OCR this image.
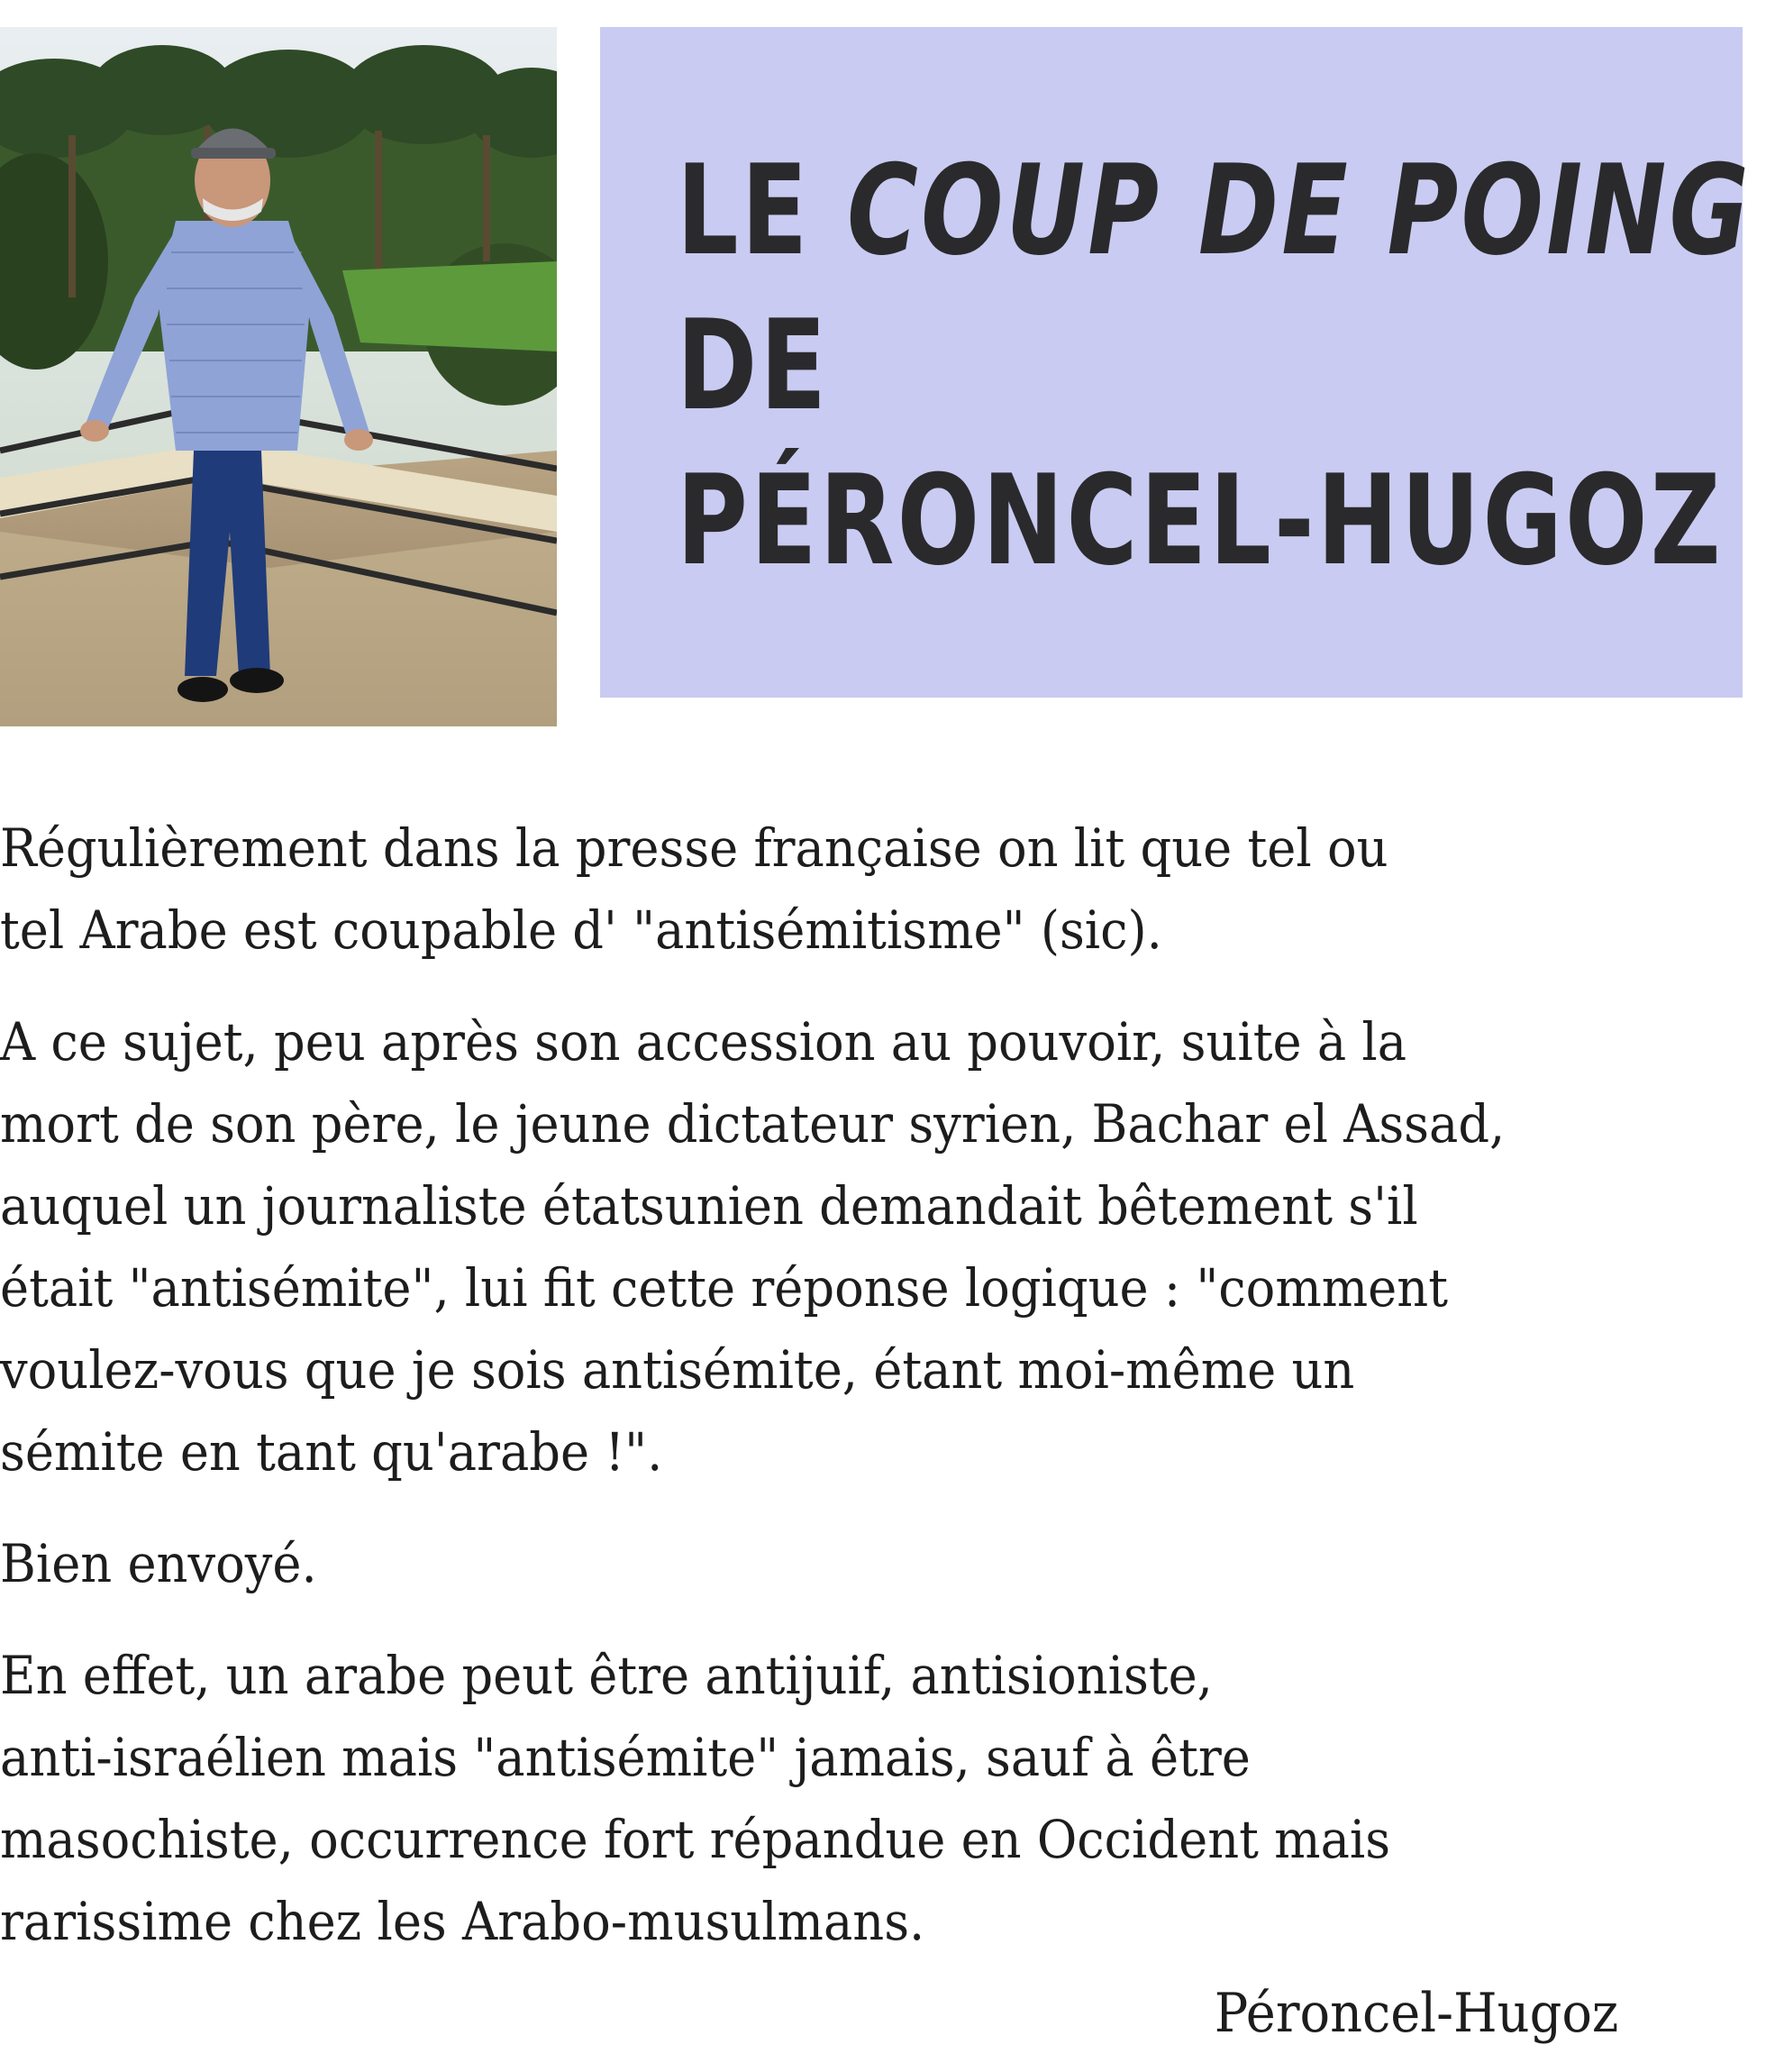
LE COUP DE POING
DE
PÉRONCEL-HUGOZ

Régulièrement dans la presse française on lit que tel ou
tel Arabe est coupable d' "antisémitisme" (sic).

A ce sujet, peu après son accession au pouvoir, suite à la
mort de son père, le jeune dictateur syrien, Bachar el Assad,
auquel un journaliste étatsunien demandait bêtement s'il
était "antisémite", lui fit cette réponse logique : "comment
voulez-vous que je sois antisémite, étant moi-même un
sémite en tant qu'arabe !".

Bien envoyé.

En effet, un arabe peut être antijuif, antisioniste,
anti-israélien mais "antisémite" jamais, sauf à être
masochiste, occurrence fort répandue en Occident mais
rarissime chez les Arabo-musulmans.

Péroncel-Hugoz
